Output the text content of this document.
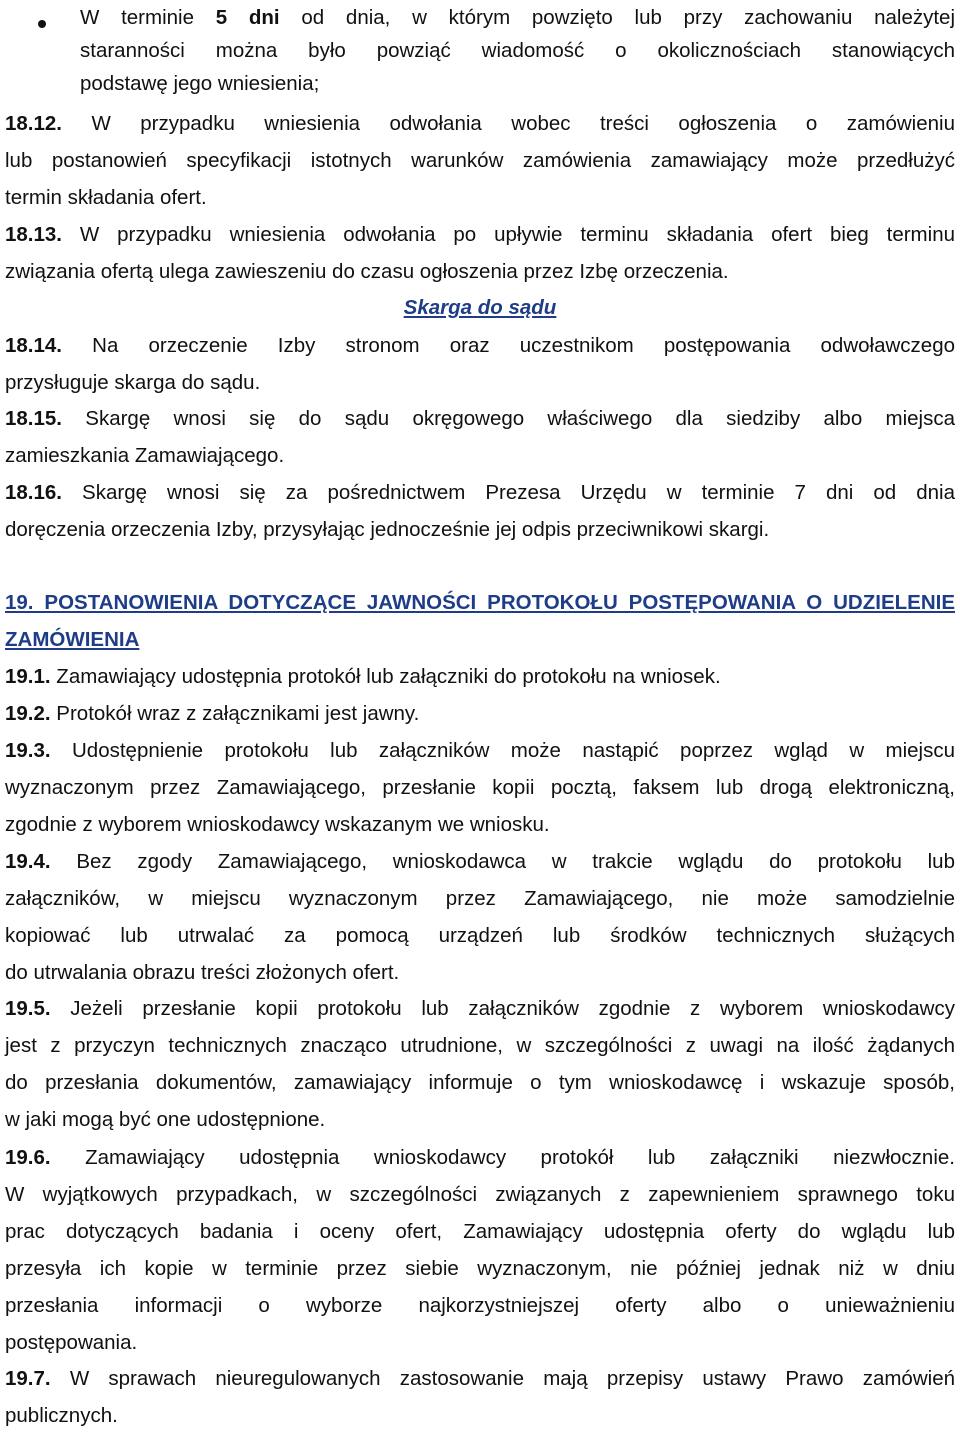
W terminie 5 dni od dnia, w którym powzięto lub przy zachowaniu należytej
staranności można było powziąć wiadomość o okolicznościach stanowiących
podstawę jego wniesienia;
18.12. W przypadku wniesienia odwołania wobec treści ogłoszenia o zamówieniu
lub postanowień specyfikacji istotnych warunków zamówienia zamawiający może przedłużyć
termin składania ofert.
18.13. W przypadku wniesienia odwołania po upływie terminu składania ofert bieg terminu
związania ofertą ulega zawieszeniu do czasu ogłoszenia przez Izbę orzeczenia.
Skarga do sądu
18.14. Na orzeczenie Izby stronom oraz uczestnikom postępowania odwoławczego
przysługuje skarga do sądu.
18.15. Skargę wnosi się do sądu okręgowego właściwego dla siedziby albo miejsca
zamieszkania Zamawiającego.
18.16. Skargę wnosi się za pośrednictwem Prezesa Urzędu w terminie 7 dni od dnia
doręczenia orzeczenia Izby, przysyłając jednocześnie jej odpis przeciwnikowi skargi.
19. POSTANOWIENIA DOTYCZĄCE JAWNOŚCI PROTOKOŁU POSTĘPOWANIA O UDZIELENIE
ZAMÓWIENIA
19.1. Zamawiający udostępnia protokół lub załączniki do protokołu na wniosek.
19.2. Protokół wraz z załącznikami jest jawny.
19.3. Udostępnienie protokołu lub załączników może nastąpić poprzez wgląd w miejscu
wyznaczonym przez Zamawiającego, przesłanie kopii pocztą, faksem lub drogą elektroniczną,
zgodnie z wyborem wnioskodawcy wskazanym we wniosku.
19.4. Bez zgody Zamawiającego, wnioskodawca w trakcie wglądu do protokołu lub
załączników, w miejscu wyznaczonym przez Zamawiającego, nie może samodzielnie
kopiować lub utrwalać za pomocą urządzeń lub środków technicznych służących
do utrwalania obrazu treści złożonych ofert.
19.5. Jeżeli przesłanie kopii protokołu lub załączników zgodnie z wyborem wnioskodawcy
jest z przyczyn technicznych znacząco utrudnione, w szczególności z uwagi na ilość żądanych
do przesłania dokumentów, zamawiający informuje o tym wnioskodawcę i wskazuje sposób,
w jaki mogą być one udostępnione.
19.6. Zamawiający udostępnia wnioskodawcy protokół lub załączniki niezwłocznie.
W wyjątkowych przypadkach, w szczególności związanych z zapewnieniem sprawnego toku
prac dotyczących badania i oceny ofert, Zamawiający udostępnia oferty do wglądu lub
przesyła ich kopie w terminie przez siebie wyznaczonym, nie później jednak niż w dniu
przesłania informacji o wyborze najkorzystniejszej oferty albo o unieważnieniu
postępowania.
19.7. W sprawach nieuregulowanych zastosowanie mają przepisy ustawy Prawo zamówień
publicznych.
